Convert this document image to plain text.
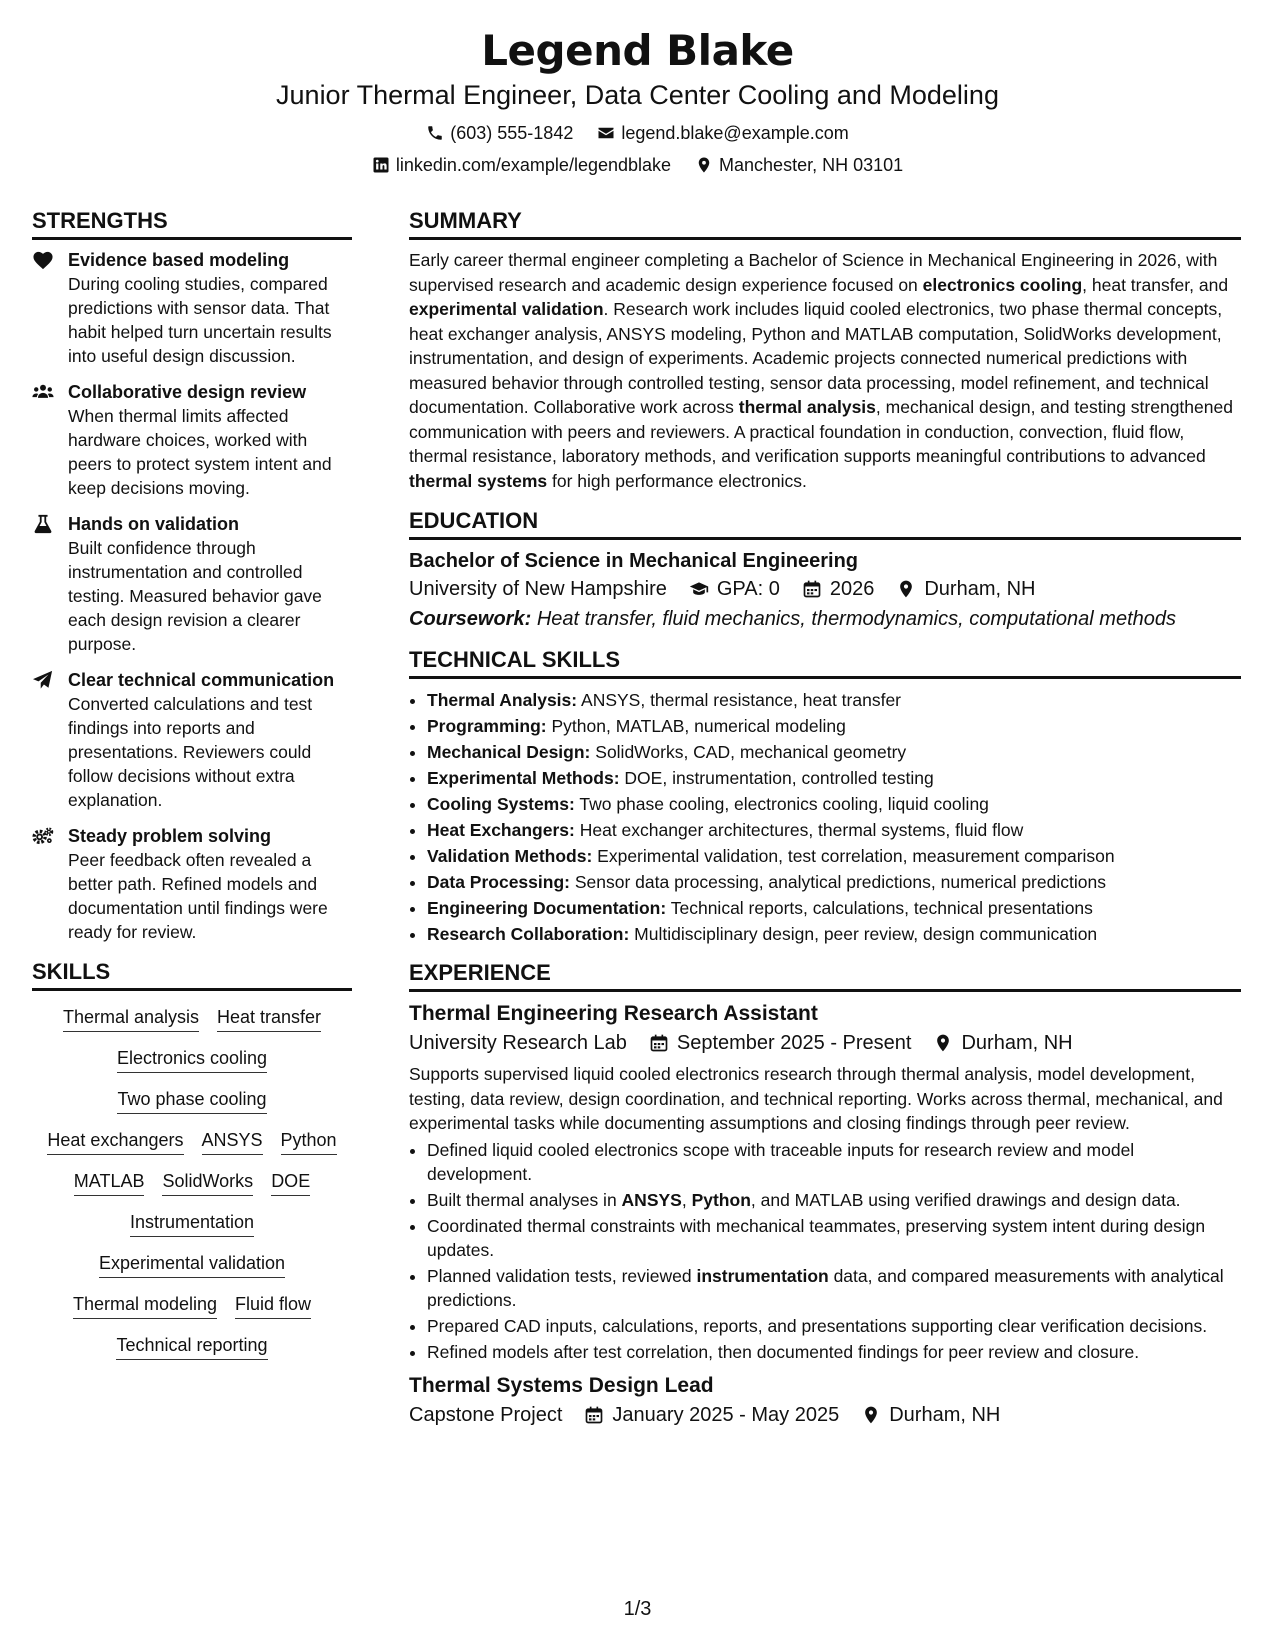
Legend Blake
Junior Thermal Engineer, Data Center Cooling and Modeling
(603) 555-1842	legend.blake@example.com
linkedin.com/example/legendblake	Manchester, NH 03101
STRENGTHS
Evidence based modeling
During cooling studies, compared predictions with sensor data. That habit helped turn uncertain results into useful design discussion.
Collaborative design review
When thermal limits affected hardware choices, worked with peers to protect system intent and keep decisions moving.
Hands on validation
Built confidence through instrumentation and controlled testing. Measured behavior gave each design revision a clearer purpose.
Clear technical communication
Converted calculations and test findings into reports and presentations. Reviewers could follow decisions without extra explanation.
Steady problem solving
Peer feedback often revealed a better path. Refined models and documentation until findings were ready for review.
SKILLS
Thermal analysis Heat transfer
Electronics cooling
Two phase cooling
Heat exchangers ANSYS Python
MATLAB SolidWorks DOE
Instrumentation
Experimental validation
Thermal modeling Fluid flow
Technical reporting
SUMMARY

Early career thermal engineer completing a Bachelor of Science in Mechanical Engineering in 2026, with supervised research and academic design experience focused on electronics cooling, heat transfer, and experimental validation. Research work includes liquid cooled electronics, two phase thermal concepts, heat exchanger analysis, ANSYS modeling, Python and MATLAB computation, SolidWorks development, instrumentation, and design of experiments. Academic projects connected numerical predictions with measured behavior through controlled testing, sensor data processing, model refinement, and technical documentation. Collaborative work across thermal analysis, mechanical design, and testing strengthened communication with peers and reviewers. A practical foundation in conduction, convection, fluid flow, thermal resistance, laboratory methods, and verification supports meaningful contributions to advanced thermal systems for high performance electronics.

EDUCATION
Bachelor of Science in Mechanical Engineering
University of New Hampshire	GPA: 0	2026	Durham, NH
Coursework: Heat transfer, fluid mechanics, thermodynamics, computational methods
TECHNICAL SKILLS
• Thermal Analysis: ANSYS, thermal resistance, heat transfer
• Programming: Python, MATLAB, numerical modeling
• Mechanical Design: SolidWorks, CAD, mechanical geometry
• Experimental Methods: DOE, instrumentation, controlled testing
• Cooling Systems: Two phase cooling, electronics cooling, liquid cooling
• Heat Exchangers: Heat exchanger architectures, thermal systems, fluid flow
• Validation Methods: Experimental validation, test correlation, measurement comparison
• Data Processing: Sensor data processing, analytical predictions, numerical predictions
• Engineering Documentation: Technical reports, calculations, technical presentations
• Research Collaboration: Multidisciplinary design, peer review, design communication
EXPERIENCE
Thermal Engineering Research Assistant
University Research Lab	September 2025 - Present	Durham, NH

Supports supervised liquid cooled electronics research through thermal analysis, model development, testing, data review, design coordination, and technical reporting. Works across thermal, mechanical, and experimental tasks while documenting assumptions and closing findings through peer review.

• Defined liquid cooled electronics scope with traceable inputs for research review and model development.
• Built thermal analyses in ANSYS, Python, and MATLAB using verified drawings and design data.
• Coordinated thermal constraints with mechanical teammates, preserving system intent during design updates.
• Planned validation tests, reviewed instrumentation data, and compared measurements with analytical predictions.
• Prepared CAD inputs, calculations, reports, and presentations supporting clear verification decisions.
• Refined models after test correlation, then documented findings for peer review and closure.
Thermal Systems Design Lead
Capstone Project	January 2025 - May 2025	Durham, NH
1/3
